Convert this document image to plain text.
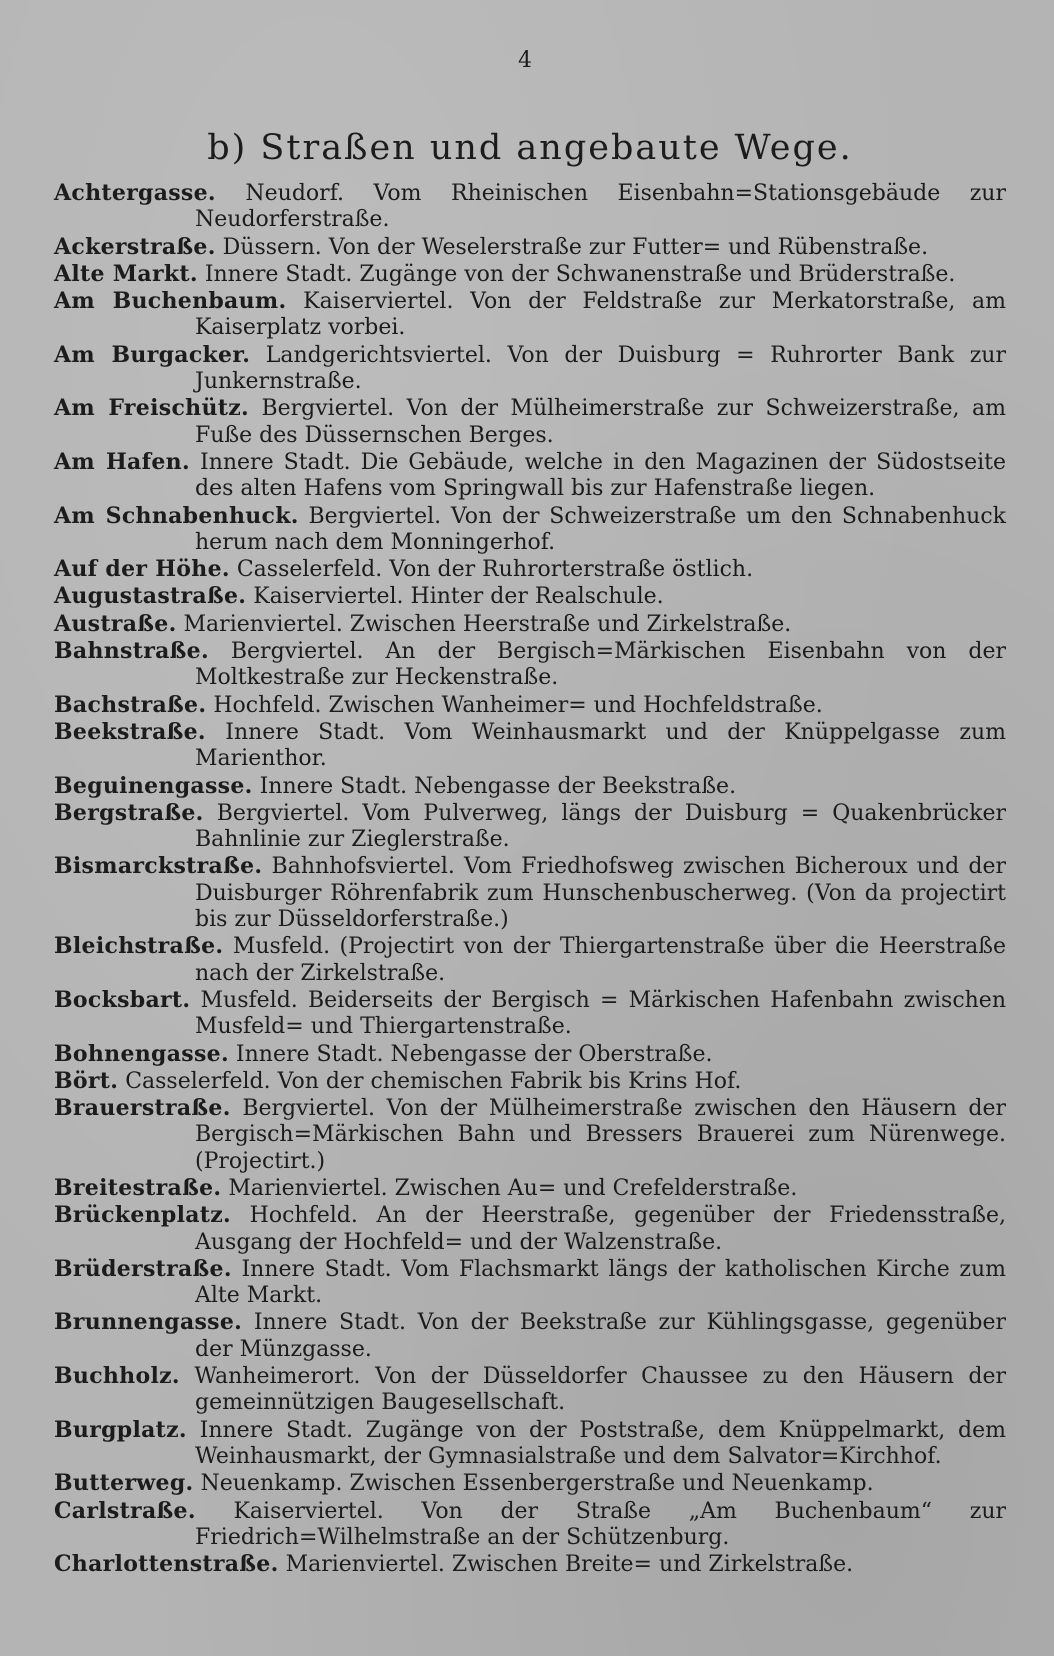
4
b) Straßen und angebaute Wege.
Achtergasse. Neudorf. Vom Rheinischen Eisenbahn=Stationsgebäude zur Neudorferstraße.
Ackerstraße. Düssern. Von der Weselerstraße zur Futter= und Rübenstraße.
Alte Markt. Innere Stadt. Zugänge von der Schwanenstraße und Brüderstraße.
Am Buchenbaum. Kaiserviertel. Von der Feldstraße zur Merkatorstraße, am Kaiserplatz vorbei.
Am Burgacker. Landgerichtsviertel. Von der Duisburg = Ruhrorter Bank zur Junkernstraße.
Am Freischütz. Bergviertel. Von der Mülheimerstraße zur Schweizerstraße, am Fuße des Düssernschen Berges.
Am Hafen. Innere Stadt. Die Gebäude, welche in den Magazinen der Südostseite des alten Hafens vom Springwall bis zur Hafenstraße liegen.
Am Schnabenhuck. Bergviertel. Von der Schweizerstraße um den Schnabenhuck herum nach dem Monningerhof.
Auf der Höhe. Casselerfeld. Von der Ruhrorterstraße östlich.
Augustastraße. Kaiserviertel. Hinter der Realschule.
Austraße. Marienviertel. Zwischen Heerstraße und Zirkelstraße.
Bahnstraße. Bergviertel. An der Bergisch=Märkischen Eisenbahn von der Moltkestraße zur Heckenstraße.
Bachstraße. Hochfeld. Zwischen Wanheimer= und Hochfeldstraße.
Beekstraße. Innere Stadt. Vom Weinhausmarkt und der Knüppelgasse zum Marienthor.
Beguinengasse. Innere Stadt. Nebengasse der Beekstraße.
Bergstraße. Bergviertel. Vom Pulverweg, längs der Duisburg = Quakenbrücker Bahnlinie zur Zieglerstraße.
Bismarckstraße. Bahnhofsviertel. Vom Friedhofsweg zwischen Bicheroux und der Duisburger Röhrenfabrik zum Hunschenbuscherweg. (Von da projectirt bis zur Düsseldorferstraße.)
Bleichstraße. Musfeld. (Projectirt von der Thiergartenstraße über die Heerstraße nach der Zirkelstraße.
Bocksbart. Musfeld. Beiderseits der Bergisch = Märkischen Hafenbahn zwischen Musfeld= und Thiergartenstraße.
Bohnengasse. Innere Stadt. Nebengasse der Oberstraße.
Bört. Casselerfeld. Von der chemischen Fabrik bis Krins Hof.
Brauerstraße. Bergviertel. Von der Mülheimerstraße zwischen den Häusern der Bergisch=Märkischen Bahn und Bressers Brauerei zum Nürenwege. (Projectirt.)
Breitestraße. Marienviertel. Zwischen Au= und Crefelderstraße.
Brückenplatz. Hochfeld. An der Heerstraße, gegenüber der Friedensstraße, Ausgang der Hochfeld= und der Walzenstraße.
Brüderstraße. Innere Stadt. Vom Flachsmarkt längs der katholischen Kirche zum Alte Markt.
Brunnengasse. Innere Stadt. Von der Beekstraße zur Kühlingsgasse, gegenüber der Münzgasse.
Buchholz. Wanheimerort. Von der Düsseldorfer Chaussee zu den Häusern der gemeinnützigen Baugesellschaft.
Burgplatz. Innere Stadt. Zugänge von der Poststraße, dem Knüppelmarkt, dem Weinhausmarkt, der Gymnasialstraße und dem Salvator=Kirchhof.
Butterweg. Neuenkamp. Zwischen Essenbergerstraße und Neuenkamp.
Carlstraße. Kaiserviertel. Von der Straße „Am Buchenbaum“ zur Friedrich=Wilhelmstraße an der Schützenburg.
Charlottenstraße. Marienviertel. Zwischen Breite= und Zirkelstraße.
